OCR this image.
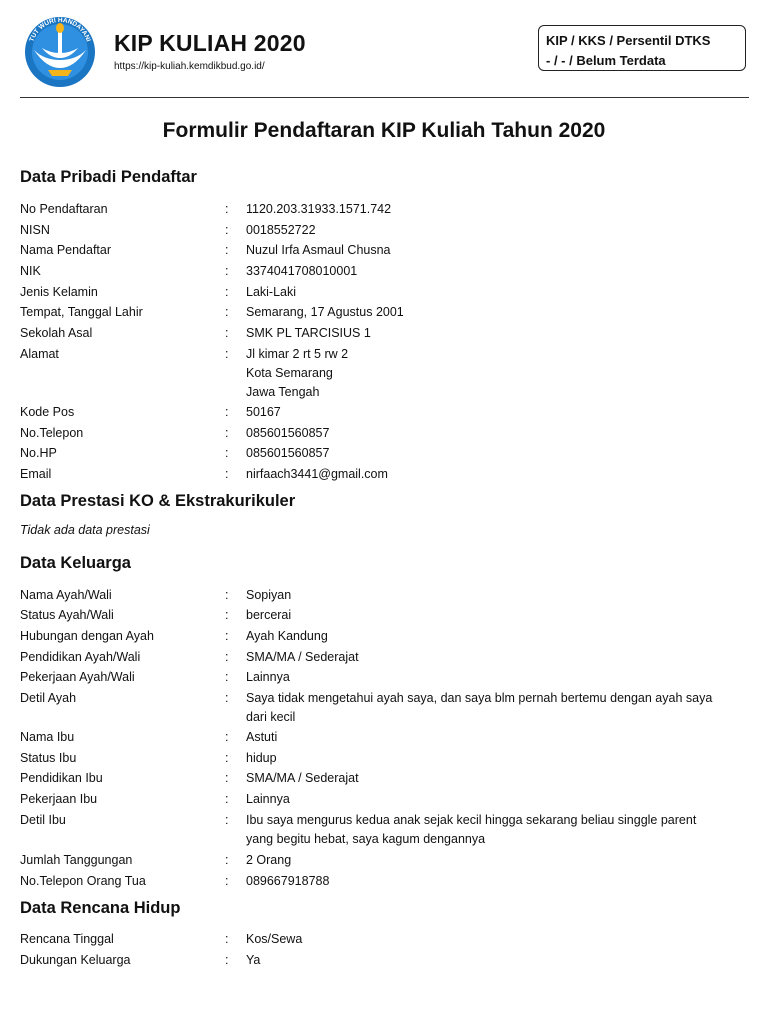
TUT WURI HANDAYANI KIP KULIAH 2020
https://kip-kuliah.kemdikbud.go.id/
KIP / KKS / Persentil DTKS
- / - / Belum Terdata
Formulir Pendaftaran KIP Kuliah Tahun 2020
Data Pribadi Pendaftar
No Pendaftaran	: 1120.203.31933.1571.742
NISN	: 0018552722
Nama Pendaftar	: Nuzul Irfa Asmaul Chusna
NIK	: 3374041708010001
Jenis Kelamin	: Laki-Laki
Tempat, Tanggal Lahir	: Semarang, 17 Agustus 2001
Sekolah Asal	: SMK PL TARCISIUS 1
Alamat	: Jl kimar 2 rt 5 rw 2
Kota Semarang
Jawa Tengah
Kode Pos	: 50167
No.Telepon	: 085601560857
No.HP	: 085601560857
Email	: nirfaach3441@gmail.com
Data Prestasi KO & Ekstrakurikuler
Tidak ada data prestasi
Data Keluarga
Nama Ayah/Wali	: Sopiyan
Status Ayah/Wali	: bercerai
Hubungan dengan Ayah	: Ayah Kandung
Pendidikan Ayah/Wali	: SMA/MA / Sederajat
Pekerjaan Ayah/Wali	: Lainnya
Detil Ayah	: Saya tidak mengetahui ayah saya, dan saya blm pernah bertemu dengan ayah saya
dari kecil
Nama Ibu	: Astuti
Status Ibu	: hidup
Pendidikan Ibu	: SMA/MA / Sederajat
Pekerjaan Ibu	: Lainnya
Detil Ibu	: Ibu saya mengurus kedua anak sejak kecil hingga sekarang beliau singgle parent
yang begitu hebat, saya kagum dengannya
Jumlah Tanggungan	: 2 Orang
No.Telepon Orang Tua	: 089667918788
Data Rencana Hidup
Rencana Tinggal	: Kos/Sewa
Dukungan Keluarga	: Ya
